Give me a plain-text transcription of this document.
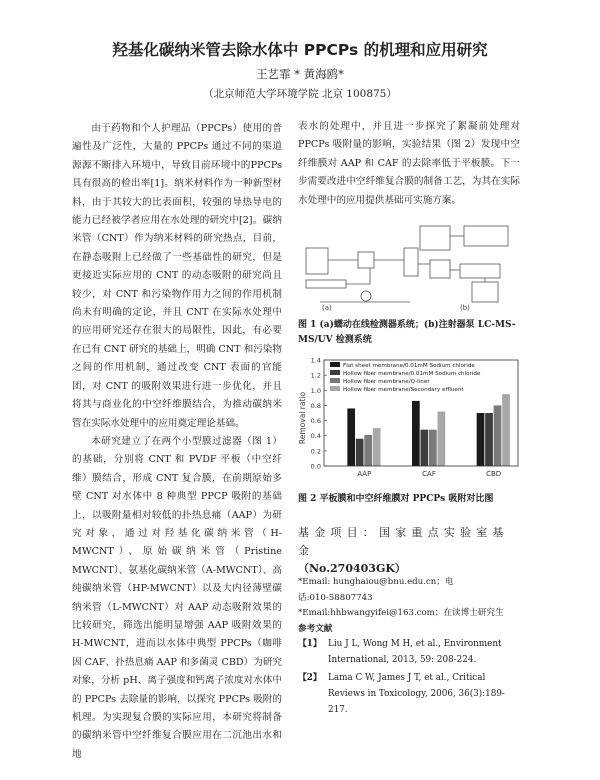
羟基化碳纳米管去除水体中 PPCPs 的机理和应用研究
王艺霏 * 黄海鸥*
（北京师范大学环境学院 北京 100875）

由于药物和个人护理品（PPCPs）使用的普遍性及广泛性，大量的 PPCPs 通过不同的渠道源源不断排入环境中，导致目前环境中的PPCPs 具有很高的检出率[1]。纳米材料作为一种新型材料，由于其较大的比表面积，较强的导热导电的能力已经被学者应用在水处理的研究中[2]。碳纳米管（CNT）作为纳米材料的研究热点，目前，在静态吸附上已经做了一些基础性的研究，但是更接近实际应用的 CNT 的动态吸附的研究尚且较少，对 CNT 和污染物作用力之间的作用机制尚未有明确的定论，并且 CNT 在实际水处理中的应用研究还存在很大的局限性，因此，有必要在已有 CNT 研究的基础上，明确 CNT 和污染物之间的作用机制，通过改变 CNT 表面的官能团，对 CNT 的吸附效果进行进一步优化，并且将其与商业化的中空纤维膜结合，为推动碳纳米管在实际水处理中的应用奠定理论基础。

本研究建立了在两个小型膜过滤器（图 1）的基础，分别将 CNT 和 PVDF 平板（中空纤维）膜结合，形成 CNT 复合膜，在前期原始多壁 CNT 对水体中 8 种典型 PPCP 吸附的基础上，以吸附量相对较低的扑热息痛（AAP）为研究对象，通过对羟基化碳纳米管（H-MWCNT）、原始碳纳米管（Pristine MWCNT）、氨基化碳纳米管（A-MWCNT）、高纯碳纳米管（HP-MWCNT）以及大内径薄壁碳纳米管（L-MWCNT）对 AAP 动态吸附效果的比较研究，筛选出能明显增强 AAP 吸附效果的 H-MWCNT，进而以水体中典型 PPCPs（咖啡因 CAF、扑热息痛 AAP 和多菌灵 CBD）为研究对象，分析 pH、离子强度和钙离子浓度对水体中的 PPCPs 去除量的影响，以探究 PPCPs 吸附的机理。为实现复合膜的实际应用，本研究将制备的碳纳米管中空纤维复合膜应用在二沉池出水和地

表水的处理中，并且进一步探究了絮凝前处理对 PPCPs 吸附量的影响，实验结果（图 2）发现中空纤维膜对 AAP 和 CAF 的去除率低于平板膜。下一步需要改进中空纤维复合膜的制备工艺，为其在实际水处理中的应用提供基础可实施方案。

(a)	(b)
图 1 (a)蠕动在线检测器系统；(b)注射器泵 LC-MS-MS/UV 检测系统
Removal ratio
0.0
0.2
0.4
0.6
0.8
1.0
1.2
1.4
AAP	CAF	CBD
Flat sheet membrane/0.01mM Sodium chloride
Hollow fiber membrane/0.01mM Sodium chloride
Hollow fiber membrane/Q-liner
Hollow fiber membrane/Secondary effluent
图 2 平板膜和中空纤维膜对 PPCPs 吸附对比图
基金项目：国家重点实验室基金
（No.270403GK）
*Email: hunghaiou@bnu.edu.cn；电
话:010-58807743
*Email:hhbwangyifei@163.com；在读博士研究生
参考文献
【1】 Liu J L, Wong M H, et al., Environment International, 2013, 59: 208-224.
【2】 Lama C W, James J T, et al., Critical Reviews in Toxicology, 2006, 36(3):189-217.
